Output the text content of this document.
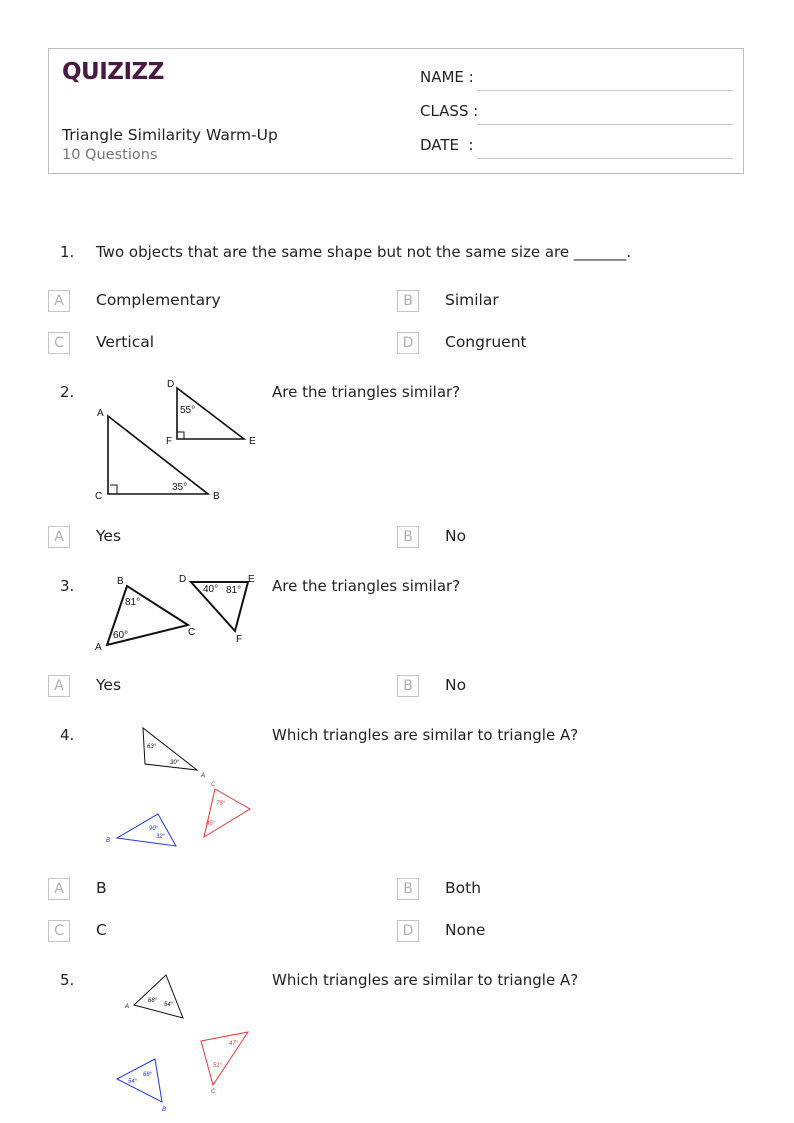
QUIZIZZ
Triangle Similarity Warm-Up
10 Questions
NAME :
CLASS :
DATE  :
1. Two objects that are the same shape but not the same size are _______.
A	Complementary	B	Similar
C	Vertical	D	Congruent
2.	Are the triangles similar?
A
C	B
35°
D
F	E
55°
A	Yes	B	No
3.	Are the triangles similar?
B
A
C
81°
60°
D	E
F
40° 81°
A	Yes	B	No
4.	Which triangles are similar to triangle A?
63°
30°
A
C
75°
45°
B
90°
32°
A	B	B	Both
C	C	D	None
5.	Which triangles are similar to triangle A?
A
68°
54°
47°
51°
C
68°
54°
B
